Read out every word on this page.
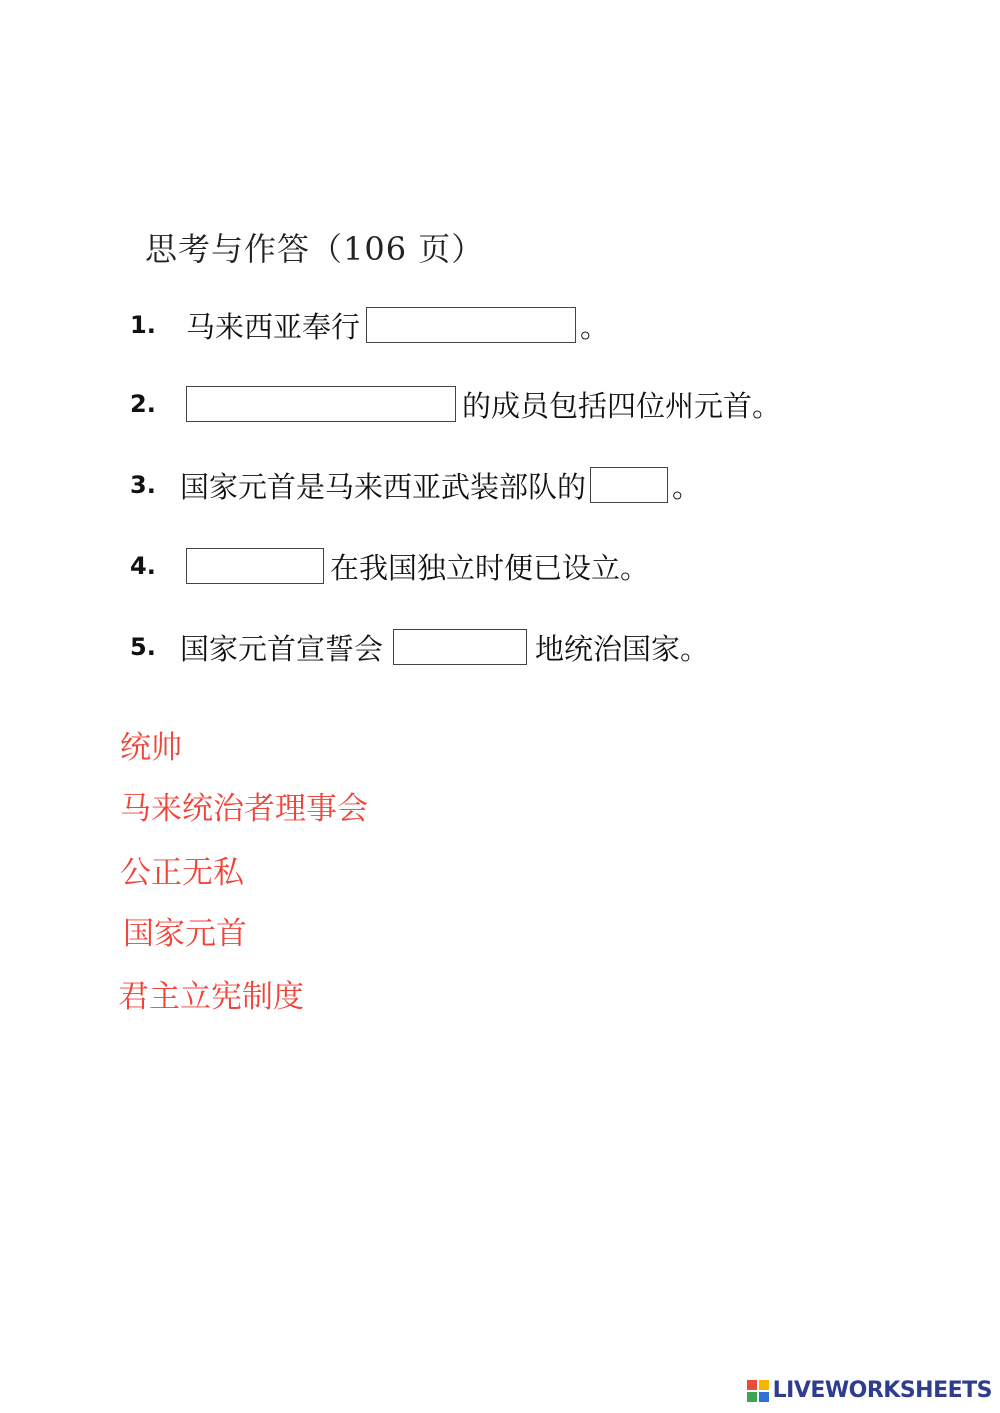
思考与作答（106 页）
1.	马来西亚奉行	。
2.	的成员包括四位州元首。
3. 国家元首是马来西亚武装部队的	。
4.	在我国独立时便已设立。
5. 国家元首宣誓会	地统治国家。
统帅
马来统治者理事会
公正无私
国家元首
君主立宪制度
LIVEWORKSHEETS
